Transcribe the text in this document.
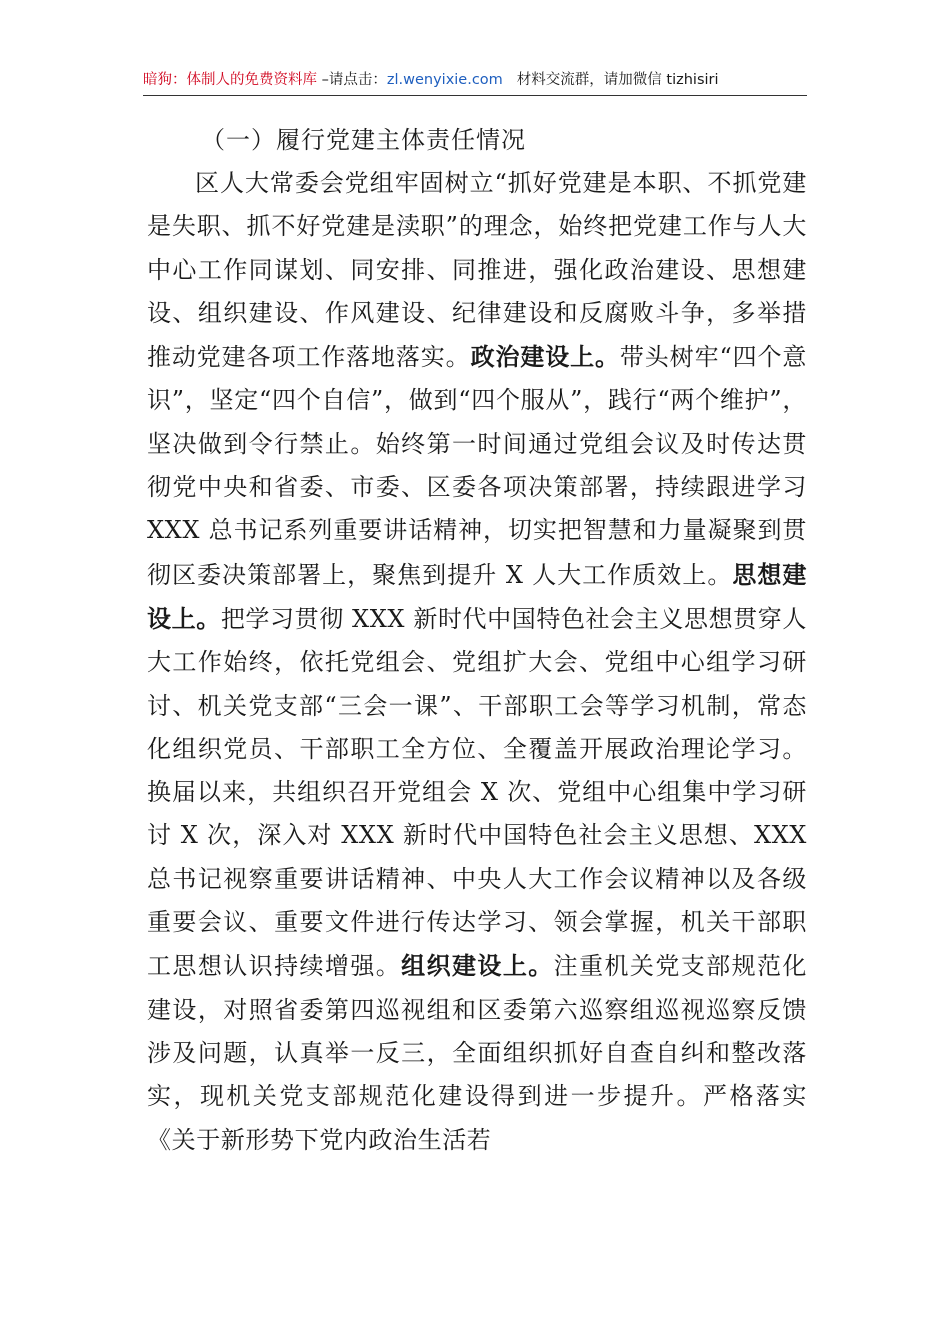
暗狗：体制人的免费资料库 –请点击：zl.wenyixie.com 材料交流群，请加微信 tizhisiri
（一）履行党建主体责任情况

区人大常委会党组牢固树立“抓好党建是本职、不抓党建是失职、抓不好党建是渎职”的理念，始终把党建工作与人大中心工作同谋划、同安排、同推进，强化政治建设、思想建设、组织建设、作风建设、纪律建设和反腐败斗争，多举措推动党建各项工作落地落实。政治建设上。带头树牢“四个意识”，坚定“四个自信”，做到“四个服从”，践行“两个维护”，坚决做到令行禁止。始终第一时间通过党组会议及时传达贯彻党中央和省委、市委、区委各项决策部署，持续跟进学习 XXX 总书记系列重要讲话精神，切实把智慧和力量凝聚到贯彻区委决策部署上，聚焦到提升 X 人大工作质效上。思想建设上。把学习贯彻 XXX 新时代中国特色社会主义思想贯穿人大工作始终，依托党组会、党组扩大会、党组中心组学习研讨、机关党支部“三会一课”、干部职工会等学习机制，常态化组织党员、干部职工全方位、全覆盖开展政治理论学习。换届以来，共组织召开党组会 X 次、党组中心组集中学习研讨 X 次，深入对 XXX 新时代中国特色社会主义思想、XXX 总书记视察重要讲话精神、中央人大工作会议精神以及各级重要会议、重要文件进行传达学习、领会掌握，机关干部职工思想认识持续增强。组织建设上。注重机关党支部规范化建设，对照省委第四巡视组和区委第六巡察组巡视巡察反馈涉及问题，认真举一反三，全面组织抓好自查自纠和整改落实，现机关党支部规范化建设得到进一步提升。严格落实《关于新形势下党内政治生活若
